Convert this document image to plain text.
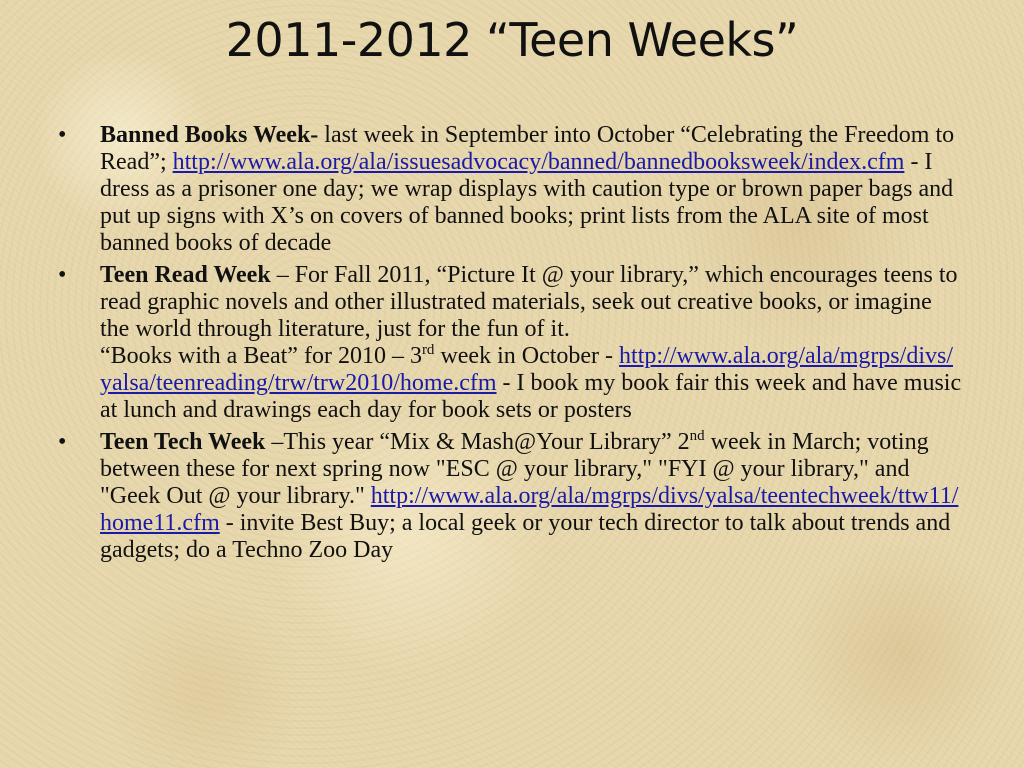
2011-2012 “Teen Weeks”
• Banned Books Week- last week in September into October “Celebrating the Freedom to Read”; http://www.ala.org/ala/issuesadvocacy/banned/bannedbooksweek/index.cfm - I dress as a prisoner one day; we wrap displays with caution type or brown paper bags and put up signs with X’s on covers of banned books; print lists from the ALA site of most banned books of decade
• Teen Read Week – For Fall 2011, “Picture It @ your library,” which encourages teens to read graphic novels and other illustrated materials, seek out creative books, or imagine the world through literature, just for the fun of it.
“Books with a Beat” for 2010 – 3rd week in October - http://www.ala.org/ala/mgrps/divs/yalsa/teenreading/trw/trw2010/home.cfm - I book my book fair this week and have music at lunch and drawings each day for book sets or posters
• Teen Tech Week –This year “Mix & Mash@Your Library” 2nd week in March; voting between these for next spring now "ESC @ your library," "FYI @ your library," and "Geek Out @ your library." http://www.ala.org/ala/mgrps/divs/yalsa/teentechweek/ttw11/home11.cfm - invite Best Buy; a local geek or your tech director to talk about trends and gadgets; do a Techno Zoo Day
